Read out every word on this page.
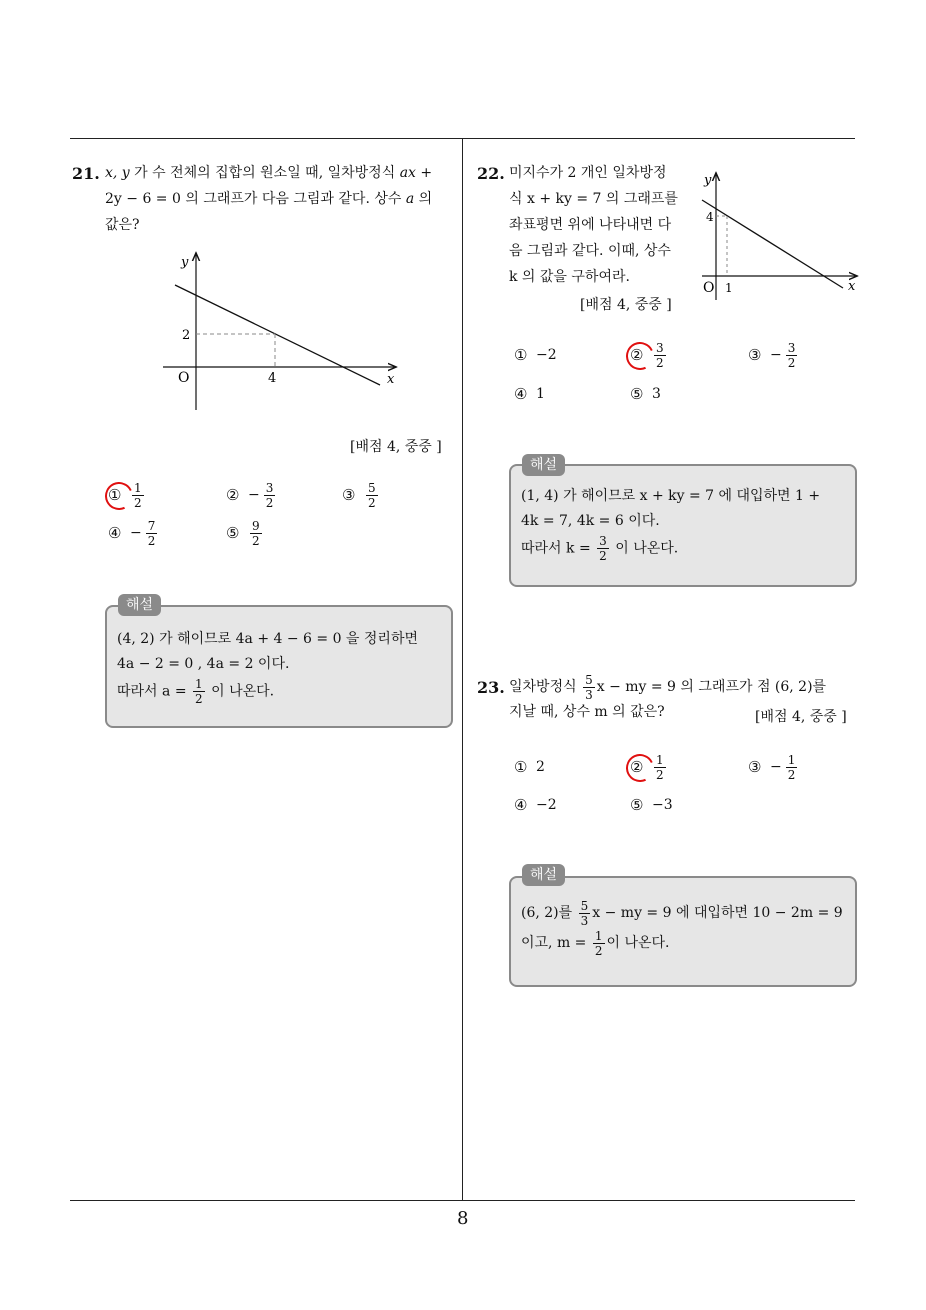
21. x, y 가 수 전체의 집합의 원소일 때, 일차방정식 ax +

2y − 6 = 0 의 그래프가 다음 그림과 같다. 상수 a 의

값은?

y
x
O
2
4
[배점 4, 중중 ]
① $\frac{1}{2}$	② − $\frac{3}{2}$	③ $\frac{5}{2}$
④ − $\frac{7}{2}$	⑤ $\frac{9}{2}$

(4, 2) 가 해이므로 4a + 4 − 6 = 0 을 정리하면

4a − 2 = 0 , 4a = 2 이다.

따라서 $a = \frac{1}{2}$ 이 나온다.

해설
22. 미지수가 2 개인 일차방정

식 x + ky = 7 의 그래프를

좌표평면 위에 나타내면 다

음 그림과 같다. 이때, 상수

k 의 값을 구하여라.

[배점 4, 중중 ]
y
x
O
4
1
① −2	② $\frac{3}{2}$	③ − $\frac{3}{2}$
④ 1	⑤ 3

(1, 4) 가 해이므로 x + ky = 7 에 대입하면 1 +

4k = 7, 4k = 6 이다.

따라서 $k = \frac{3}{2}$ 이 나온다.

해설
23. 일차방정식 $\frac{5}{3}$ x − my = 9 의 그래프가 점 (6, 2)를

지날 때, 상수 m 의 값은?	[배점 4, 중중 ]
① 2	② $\frac{1}{2}$	③ − $\frac{1}{2}$
④ −2	⑤ −3

(6, 2)를 $\frac{5}{3}$ x − my = 9 에 대입하면 10 − 2m = 9

이고, $m = \frac{1}{2}$ 이 나온다.

해설
8
